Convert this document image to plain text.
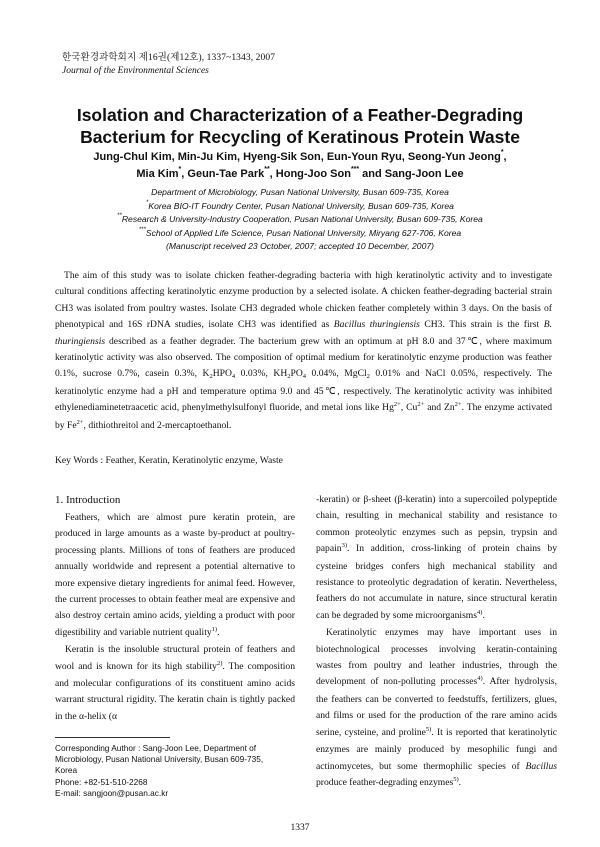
한국환경과학회지 제16권(제12호), 1337~1343, 2007
Journal of the Environmental Sciences
Isolation and Characterization of a Feather-Degrading
Bacterium for Recycling of Keratinous Protein Waste
Jung-Chul Kim, Min-Ju Kim, Hyeng-Sik Son, Eun-Youn Ryu, Seong-Yun Jeong*,
Mia Kim*, Geun-Tae Park**, Hong-Joo Son*** and Sang-Joon Lee
Department of Microbiology, Pusan National University, Busan 609-735, Korea
*Korea BIO-IT Foundry Center, Pusan National University, Busan 609-735, Korea
**Research & University-Industry Cooperation, Pusan National University, Busan 609-735, Korea
***School of Applied Life Science, Pusan National University, Miryang 627-706, Korea
(Manuscript received 23 October, 2007; accepted 10 December, 2007)

The aim of this study was to isolate chicken feather-degrading bacteria with high keratinolytic activity and to investigate cultural conditions affecting keratinolytic enzyme production by a selected isolate. A chicken feather-degrading bacterial strain CH3 was isolated from poultry wastes. Isolate CH3 degraded whole chicken feather completely within 3 days. On the basis of phenotypical and 16S rDNA studies, isolate CH3 was identified as Bacillus thuringiensis CH3. This strain is the first B. thuringiensis described as a feather degrader. The bacterium grew with an optimum at pH 8.0 and 37℃, where maximum keratinolytic activity was also observed. The composition of optimal medium for keratinolytic enzyme production was feather 0.1%, sucrose 0.7%, casein 0.3%, $K_2HPO_4$ 0.03%, $KH_2PO_4$ 0.04%, MgCl$_2$ 0.01% and NaCl 0.05%, respectively. The keratinolytic enzyme had a pH and temperature optima 9.0 and 45℃, respectively. The keratinolytic activity was inhibited ethylenediaminetetraacetic acid, phenylmethylsulfonyl fluoride, and metal ions like $Hg^{2+}$, $Cu^{2+}$ and $Zn^{2+}$. The enzyme activated by $Fe^{2+}$, dithiothreitol and 2-mercaptoethanol.

Key Words : Feather, Keratin, Keratinolytic enzyme, Waste

1. Introduction

Feathers, which are almost pure keratin protein, are produced in large amounts as a waste by-product at poultry-processing plants. Millions of tons of feathers are produced annually worldwide and represent a potential alternative to more expensive dietary ingredients for animal feed. However, the current processes to obtain feather meal are expensive and also destroy certain amino acids, yielding a product with poor digestibility and variable nutrient quality$^{1)}$.

Keratin is the insoluble structural protein of feathers and wool and is known for its high stability$^{2)}$. The composition and molecular configurations of its constituent amino acids warrant structural rigidity. The keratin chain is tightly packed in the α-helix (α

-keratin) or β-sheet (β-keratin) into a supercoiled polypeptide chain, resulting in mechanical stability and resistance to common proteolytic enzymes such as pepsin, trypsin and papain$^{3)}$. In addition, cross-linking of protein chains by cysteine bridges confers high mechanical stability and resistance to proteolytic degradation of keratin. Nevertheless, feathers do not accumulate in nature, since structural keratin can be degraded by some microorganisms$^{4)}$.

Keratinolytic enzymes may have important uses in biotechnological processes involving keratin-containing wastes from poultry and leather industries, through the development of non-polluting processes$^{4)}$. After hydrolysis, the feathers can be converted to feedstuffs, fertilizers, glues, and films or used for the production of the rare amino acids serine, cysteine, and proline$^{5)}$. It is reported that keratinolytic enzymes are mainly produced by mesophilic fungi and actinomycetes, but some thermophilic species of Bacillus produce feather-degrading enzymes$^{5)}$.

Corresponding Author : Sang-Joon Lee, Department of
Microbiology, Pusan National University, Busan 609-735,
Korea
Phone: +82-51-510-2268
E-mail: sangjoon@pusan.ac.kr
1337
